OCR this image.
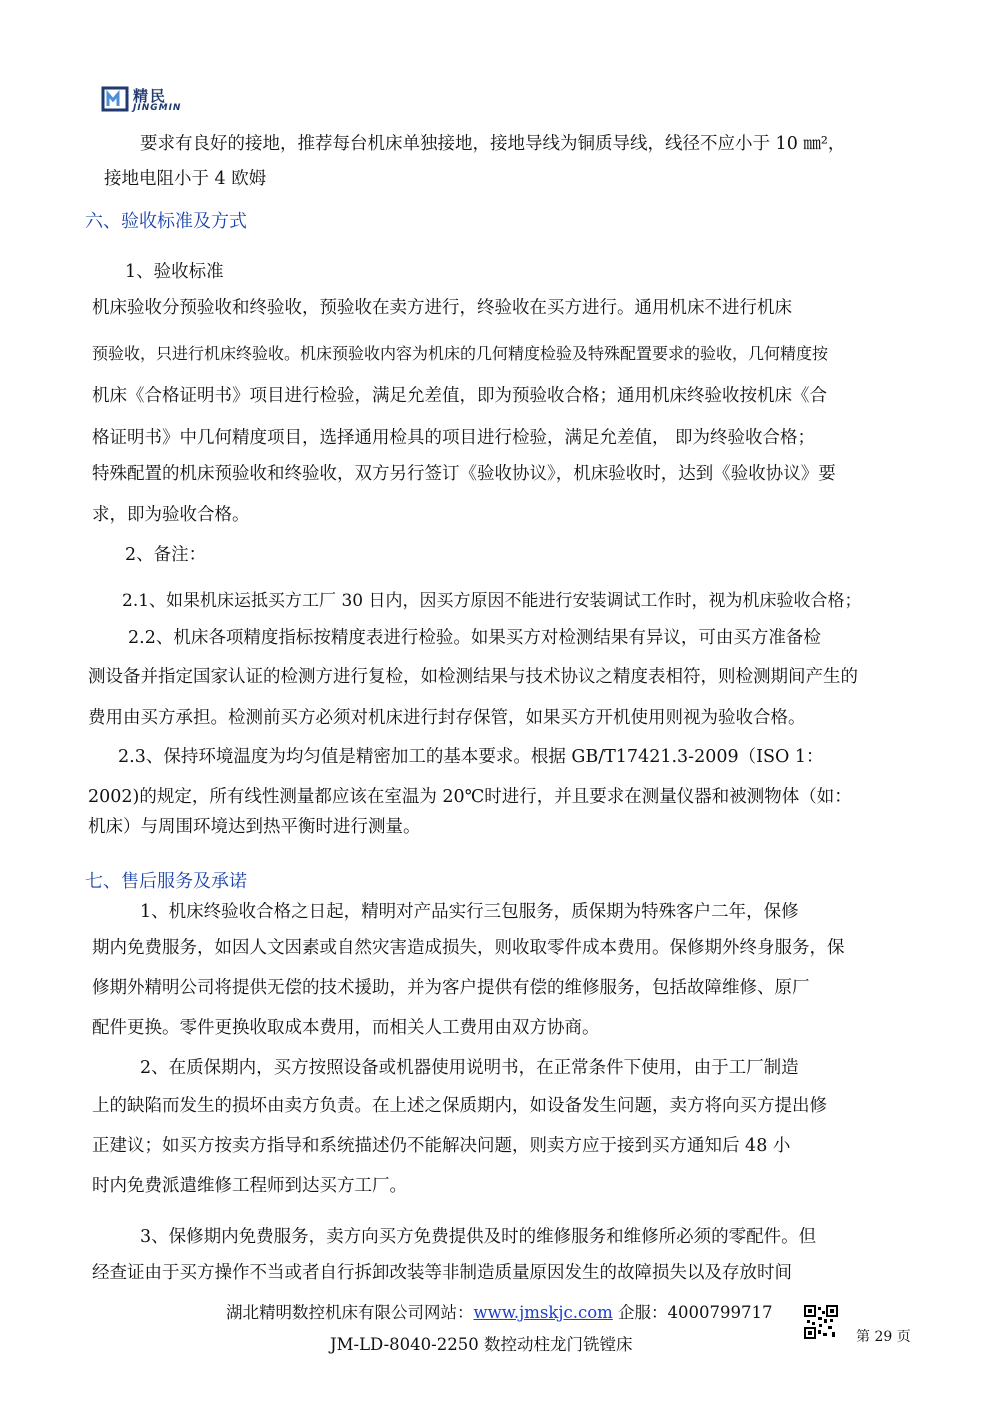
精民
JINGMIN

要求有良好的接地，推荐每台机床单独接地，接地导线为铜质导线，线径不应小于 10 ㎜²，

接地电阻小于 4 欧姆

六、验收标准及方式

1、验收标准

机床验收分预验收和终验收，预验收在卖方进行，终验收在买方进行。通用机床不进行机床

预验收，只进行机床终验收。机床预验收内容为机床的几何精度检验及特殊配置要求的验收，几何精度按

机床《合格证明书》项目进行检验，满足允差值，即为预验收合格；通用机床终验收按机床《合

格证明书》中几何精度项目，选择通用检具的项目进行检验，满足允差值， 即为终验收合格；

特殊配置的机床预验收和终验收，双方另行签订《验收协议》，机床验收时，达到《验收协议》要

求，即为验收合格。

2、备注：

2.1、如果机床运抵买方工厂 30 日内，因买方原因不能进行安装调试工作时，视为机床验收合格；

2.2、机床各项精度指标按精度表进行检验。如果买方对检测结果有异议，可由买方准备检

测设备并指定国家认证的检测方进行复检，如检测结果与技术协议之精度表相符，则检测期间产生的

费用由买方承担。检测前买方必须对机床进行封存保管，如果买方开机使用则视为验收合格。

2.3、保持环境温度为均匀值是精密加工的基本要求。根据 GB/T17421.3-2009（ISO 1：

2002)的规定，所有线性测量都应该在室温为 20℃时进行，并且要求在测量仪器和被测物体（如：

机床）与周围环境达到热平衡时进行测量。

七、售后服务及承诺

1、机床终验收合格之日起，精明对产品实行三包服务，质保期为特殊客户二年，保修

期内免费服务，如因人文因素或自然灾害造成损失，则收取零件成本费用。保修期外终身服务，保

修期外精明公司将提供无偿的技术援助，并为客户提供有偿的维修服务，包括故障维修、原厂

配件更换。零件更换收取成本费用，而相关人工费用由双方协商。

2、在质保期内，买方按照设备或机器使用说明书，在正常条件下使用，由于工厂制造

上的缺陷而发生的损坏由卖方负责。在上述之保质期内，如设备发生问题，卖方将向买方提出修

正建议；如买方按卖方指导和系统描述仍不能解决问题，则卖方应于接到买方通知后 48 小

时内免费派遣维修工程师到达买方工厂。

3、保修期内免费服务，卖方向买方免费提供及时的维修服务和维修所必须的零配件。但

经查证由于买方操作不当或者自行拆卸改装等非制造质量原因发生的故障损失以及存放时间

湖北精明数控机床有限公司网站：www.jmskjc.com 企服：4000799717
JM-LD-8040-2250 数控动柱龙门铣镗床	第 29 页
